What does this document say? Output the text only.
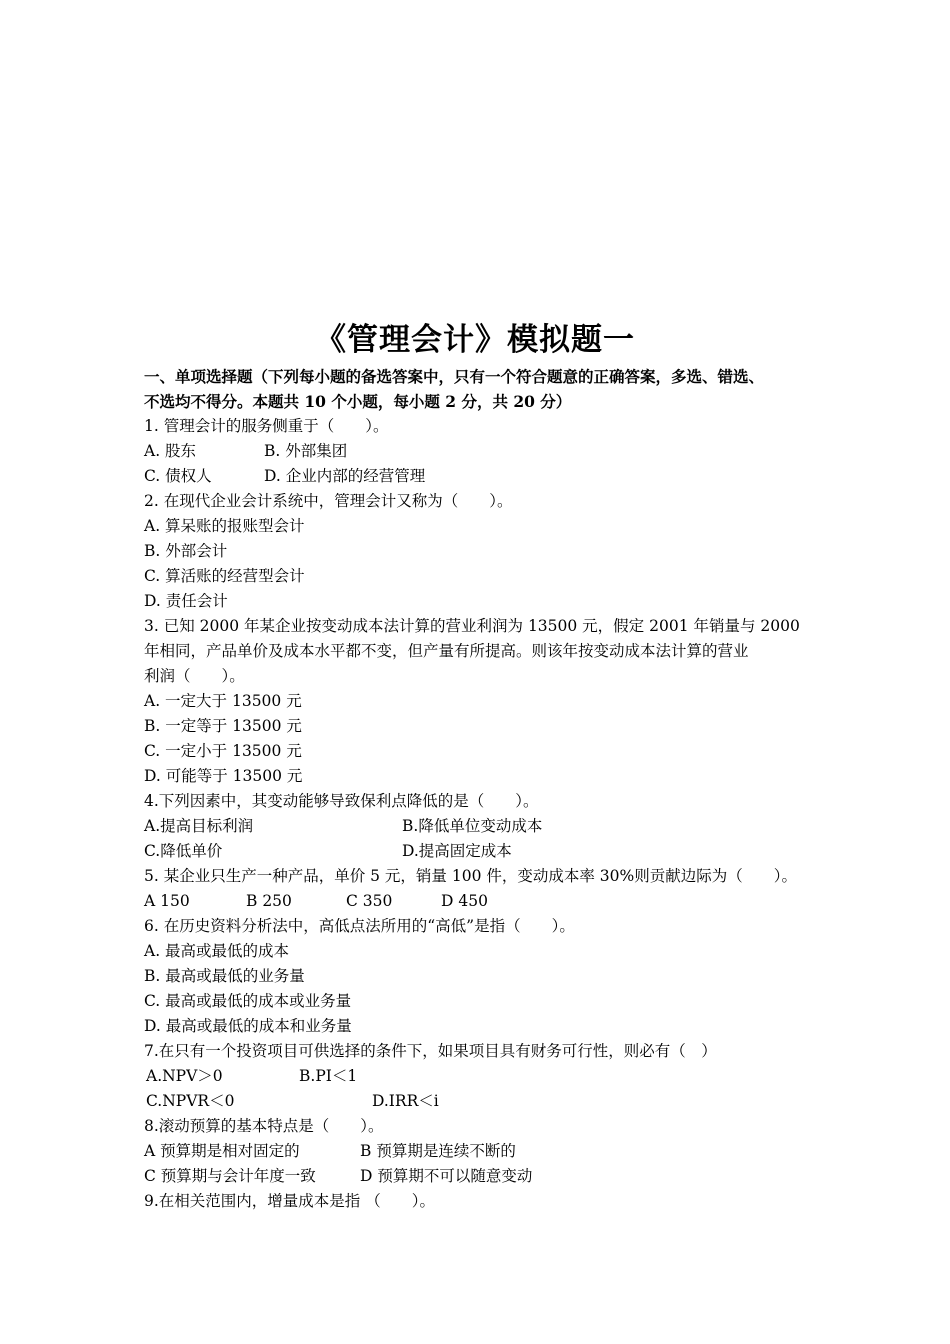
《管理会计》模拟题一
一、单项选择题（下列每小题的备选答案中，只有一个符合题意的正确答案，多选、错选、
不选均不得分。本题共 10 个小题，每小题 2 分，共 20 分）
1. 管理会计的服务侧重于（　　）。
A. 股东	B. 外部集团
C. 债权人	D. 企业内部的经营管理
2. 在现代企业会计系统中，管理会计又称为（　　）。
A. 算呆账的报账型会计
B. 外部会计
C. 算活账的经营型会计
D. 责任会计
3. 已知 2000 年某企业按变动成本法计算的营业利润为 13500 元，假定 2001 年销量与 2000
年相同，产品单价及成本水平都不变，但产量有所提高。则该年按变动成本法计算的营业
利润（　　）。
A. 一定大于 13500 元
B. 一定等于 13500 元
C. 一定小于 13500 元
D. 可能等于 13500 元
4.下列因素中，其变动能够导致保利点降低的是（　　）。
A.提高目标利润	B.降低单位变动成本
C.降低单价	D.提高固定成本
5. 某企业只生产一种产品，单价 5 元，销量 100 件，变动成本率 30%则贡献边际为（　　）。
A 150	B 250	C 350	D 450
6. 在历史资料分析法中，高低点法所用的“高低”是指（　　）。
A. 最高或最低的成本
B. 最高或最低的业务量
C. 最高或最低的成本或业务量
D. 最高或最低的成本和业务量
7.在只有一个投资项目可供选择的条件下，如果项目具有财务可行性，则必有（　）
A.NPV＞0	B.PI＜1
C.NPVR＜0	D.IRR＜i
8.滚动预算的基本特点是（　　）。
A 预算期是相对固定的	B 预算期是连续不断的
C 预算期与会计年度一致	D 预算期不可以随意变动
9.在相关范围内，增量成本是指 （　　）。
